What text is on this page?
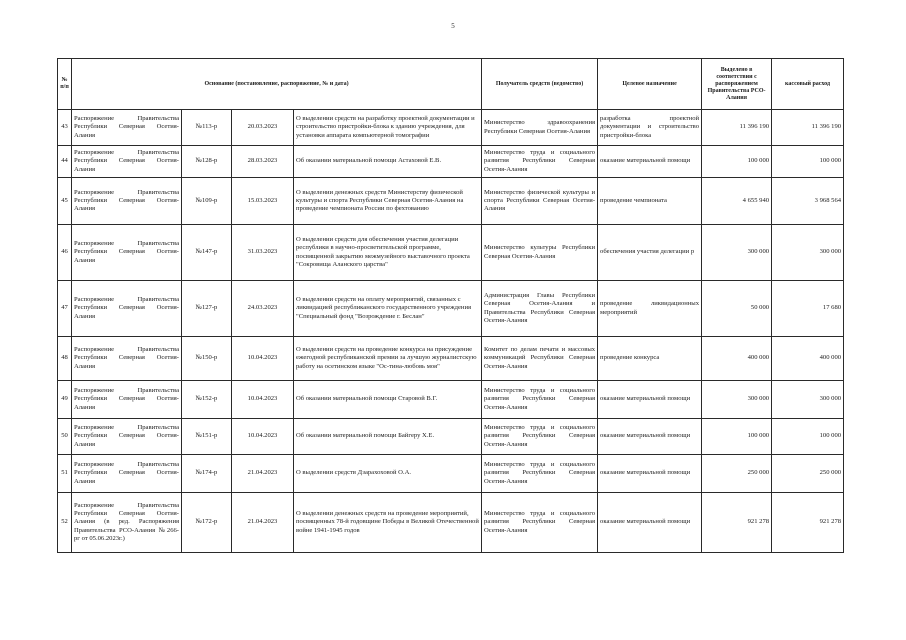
5
№ п/п	Основание (постановление, распоряжение, № и дата)				Получатель средств (ведомство)	Целевое назначение	Выделено в соответствии с распоряжением Правительства РСО-Алания	кассовый расход
43	Распоряжение Правительства Республики Северная Осетия-Алания	№113-р	20.03.2023	О выделении средств на разработку проектной документации и строительство пристройки-блока к зданию учреждения, для установки аппарата компьютерной томографии	Министерство здравоохранения Республики Северная Осетия-Алания	разработка проектной документации и строительство пристройки-блока	11 396 190	11 396 190
44	Распоряжение Правительства Республики Северная Осетия-Алания	№128-р	28.03.2023	Об оказании материальной помощи Астаховой Е.В.	Министерство труда и социального развития Республики Северная Осетия-Алания	оказание материальной помощи	100 000	100 000
45	Распоряжение Правительства Республики Северная Осетия-Алания	№109-р	15.03.2023	О выделении денежных средств Министерству физической культуры и спорта Республики Северная Осетия-Алания на проведение чемпионата России по фехтованию	Министерство физической культуры и спорта Республики Северная Осетия-Алания	проведение чемпионата	4 655 940	3 968 564
46	Распоряжение Правительства Республики Северная Осетия-Алания	№147-р	31.03.2023	О выделении средств для обеспечения участия делегации республики в научно-просветительской программе, посвященной закрытию межмузейного выставочного проекта "Сокровища Аланского царства"	Министерство культуры Республики Северная Осетия-Алания	обеспечения участия делегации р	300 000	300 000
47	Распоряжение Правительства Республики Северная Осетия-Алания	№127-р	24.03.2023	О выделении средств на оплату мероприятий, связанных с ликвидацией республиканского государственного учреждения "Специальный фонд "Возрождение г. Беслан"	Администрация Главы Республики Северная Осетия-Алания и Правительства Республики Северная Осетия-Алания	проведение ликвидационных мероприятий	50 000	17 680
48	Распоряжение Правительства Республики Северная Осетия-Алания	№150-р	10.04.2023	О выделении средств на проведение конкурса на присуждение ежегодной республиканской премии за лучшую журналистскую работу на осетинском языке "Ос-тина-любовь моя"	Комитет по делам печати и массовых коммуникаций Республики Северная Осетия-Алания	проведение конкурса	400 000	400 000
49	Распоряжение Правительства Республики Северная Осетия-Алания	№152-р	10.04.2023	Об оказании материальной помощи Старовой В.Г.	Министерство труда и социального развития Республики Северная Осетия-Алания	оказание материальной помощи	300 000	300 000
50	Распоряжение Правительства Республики Северная Осетия-Алания	№151-р	10.04.2023	Об оказании материальной помощи Байгеру Х.Е.	Министерство труда и социального развития Республики Северная Осетия-Алания	оказание материальной помощи	100 000	100 000
51	Распоряжение Правительства Республики Северная Осетия-Алания	№174-р	21.04.2023	О выделении средств Дзарахоховой О.А.	Министерство труда и социального развития Республики Северная Осетия-Алания	оказание материальной помощи	250 000	250 000
52	Распоряжение Правительства Республики Северная Осетия-Алания (в ред. Распоряжения Правительства РСО-Алания №266-рг от 05.06.2023г.)	№172-р	21.04.2023	О выделении денежных средств на проведение мероприятий, посвященных 78-й годовщине Победы в Великой Отечественной войне 1941-1945 годов	Министерство труда и социального развития Республики Северная Осетия-Алания	оказание материальной помощи	921 278	921 278
